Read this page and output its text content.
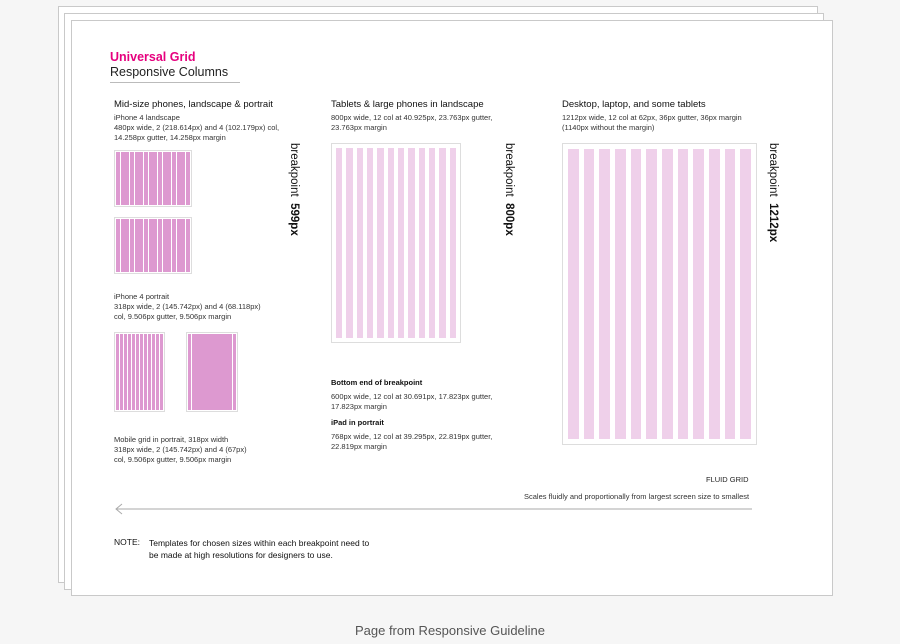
Universal Grid
Responsive Columns
Mid-size phones, landscape & portrait
iPhone 4 landscape
480px wide, 2 (218.614px) and 4 (102.179px) col,
14.258px gutter, 14.258px margin
iPhone 4 portrait
318px wide, 2 (145.742px) and 4 (68.118px)
col, 9.506px gutter, 9.506px margin
Mobile grid in portrait, 318px width
318px wide, 2 (145.742px) and 4 (67px)
col, 9.506px gutter, 9.506px margin
breakpoint  599px
Tablets & large phones in landscape
800px wide, 12 col at 40.925px, 23.763px gutter,
23.763px margin
breakpoint  800px
Bottom end of breakpoint
600px wide, 12 col at 30.691px, 17.823px gutter,
17.823px margin
iPad in portrait
768px wide, 12 col at 39.295px, 22.819px gutter,
22.819px margin
Desktop, laptop, and some tablets
1212px wide, 12 col at 62px, 36px gutter, 36px margin
(1140px without the margin)
breakpoint  1212px
FLUID GRID
Scales fluidly and proportionally from largest screen size to smallest
NOTE: Templates for chosen sizes within each breakpoint need to
be made at high resolutions for designers to use.
Page from Responsive Guideline
